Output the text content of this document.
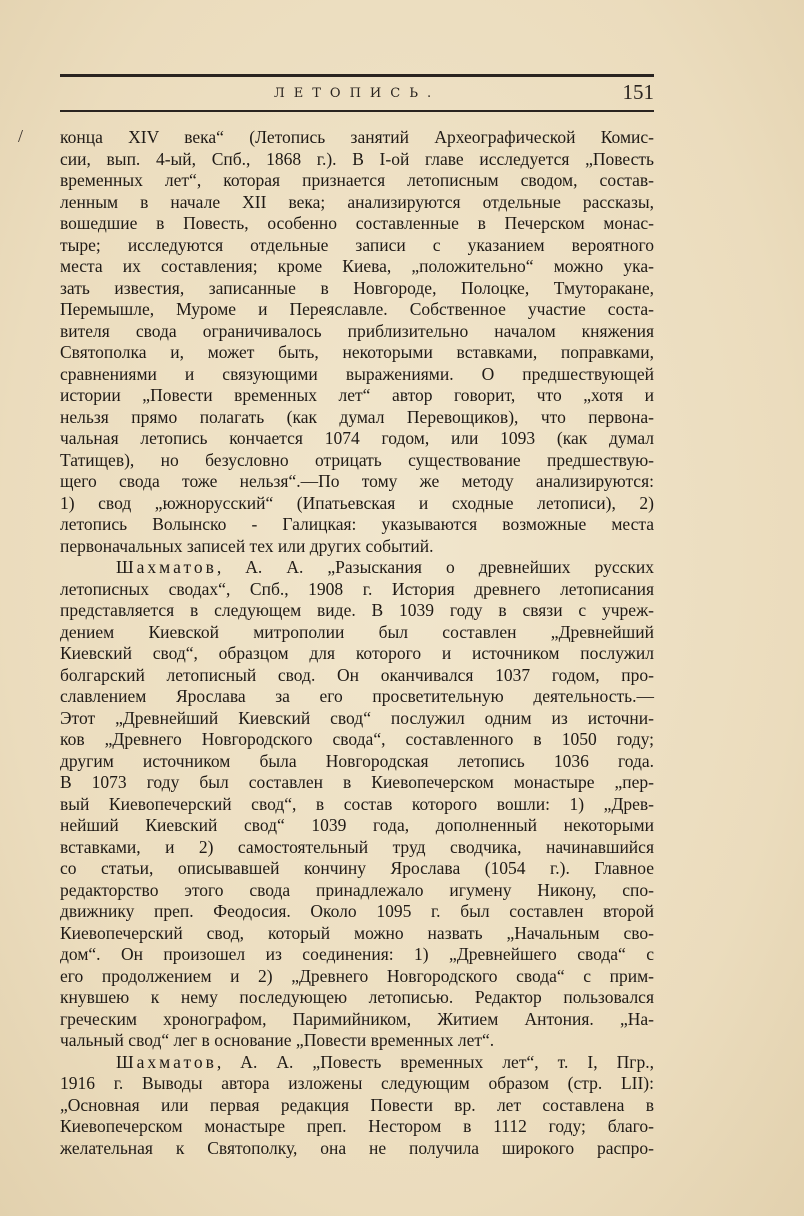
ЛЕТОПИСЬ.	151
/ конца XIV века“ (Летопись занятий Археографической Комис-
сии, вып. 4-ый, Спб., 1868 г.). В I-ой главе исследуется „Повесть
временных лет“, которая признается летописным сводом, состав-
ленным в начале XII века; анализируются отдельные рассказы,
вошедшие в Повесть, особенно составленные в Печерском монас-
тыре; исследуются отдельные записи с указанием вероятного
места их составления; кроме Киева, „положительно“ можно ука-
зать известия, записанные в Новгороде, Полоцке, Тмуторакане,
Перемышле, Муроме и Переяславле. Собственное участие соста-
вителя свода ограничивалось приблизительно началом княжения
Святополка и, может быть, некоторыми вставками, поправками,
сравнениями и связующими выражениями. О предшествующей
истории „Повести временных лет“ автор говорит, что „хотя и
нельзя прямо полагать (как думал Перевощиков), что первона-
чальная летопись кончается 1074 годом, или 1093 (как думал
Татищев), но безусловно отрицать существование предшествую-
щего свода тоже нельзя“.—По тому же методу анализируются:
1) свод „южнорусский“ (Ипатьевская и сходные летописи), 2)
летопись Волынско - Галицкая: указываются возможные места
первоначальных записей тех или других событий.
Шахматов, А. А. „Разыскания о древнейших русских
летописных сводах“, Спб., 1908 г. История древнего летописания
представляется в следующем виде. В 1039 году в связи с учреж-
дением Киевской митрополии был составлен „Древнейший
Киевский свод“, образцом для которого и источником послужил
болгарский летописный свод. Он оканчивался 1037 годом, про-
славлением Ярослава за его просветительную деятельность.—
Этот „Древнейший Киевский свод“ послужил одним из источни-
ков „Древнего Новгородского свода“, составленного в 1050 году;
другим источником была Новгородская летопись 1036 года.
В 1073 году был составлен в Киевопечерском монастыре „пер-
вый Киевопечерский свод“, в состав которого вошли: 1) „Древ-
нейший Киевский свод“ 1039 года, дополненный некоторыми
вставками, и 2) самостоятельный труд сводчика, начинавшийся
со статьи, описывавшей кончину Ярослава (1054 г.). Главное
редакторство этого свода принадлежало игумену Никону, спо-
движнику преп. Феодосия. Около 1095 г. был составлен второй
Киевопечерский свод, который можно назвать „Начальным сво-
дом“. Он произошел из соединения: 1) „Древнейшего свода“ с
его продолжением и 2) „Древнего Новгородского свода“ с прим-
кнувшею к нему последующею летописью. Редактор пользовался
греческим хронографом, Паримийником, Житием Антония. „На-
чальный свод“ лег в основание „Повести временных лет“.
Шахматов, А. А. „Повесть временных лет“, т. I, Пгр.,
1916 г. Выводы автора изложены следующим образом (стр. LII):
„Основная или первая редакция Повести вр. лет составлена в
Киевопечерском монастыре преп. Нестором в 1112 году; благо-
желательная к Святополку, она не получила широкого распро-
